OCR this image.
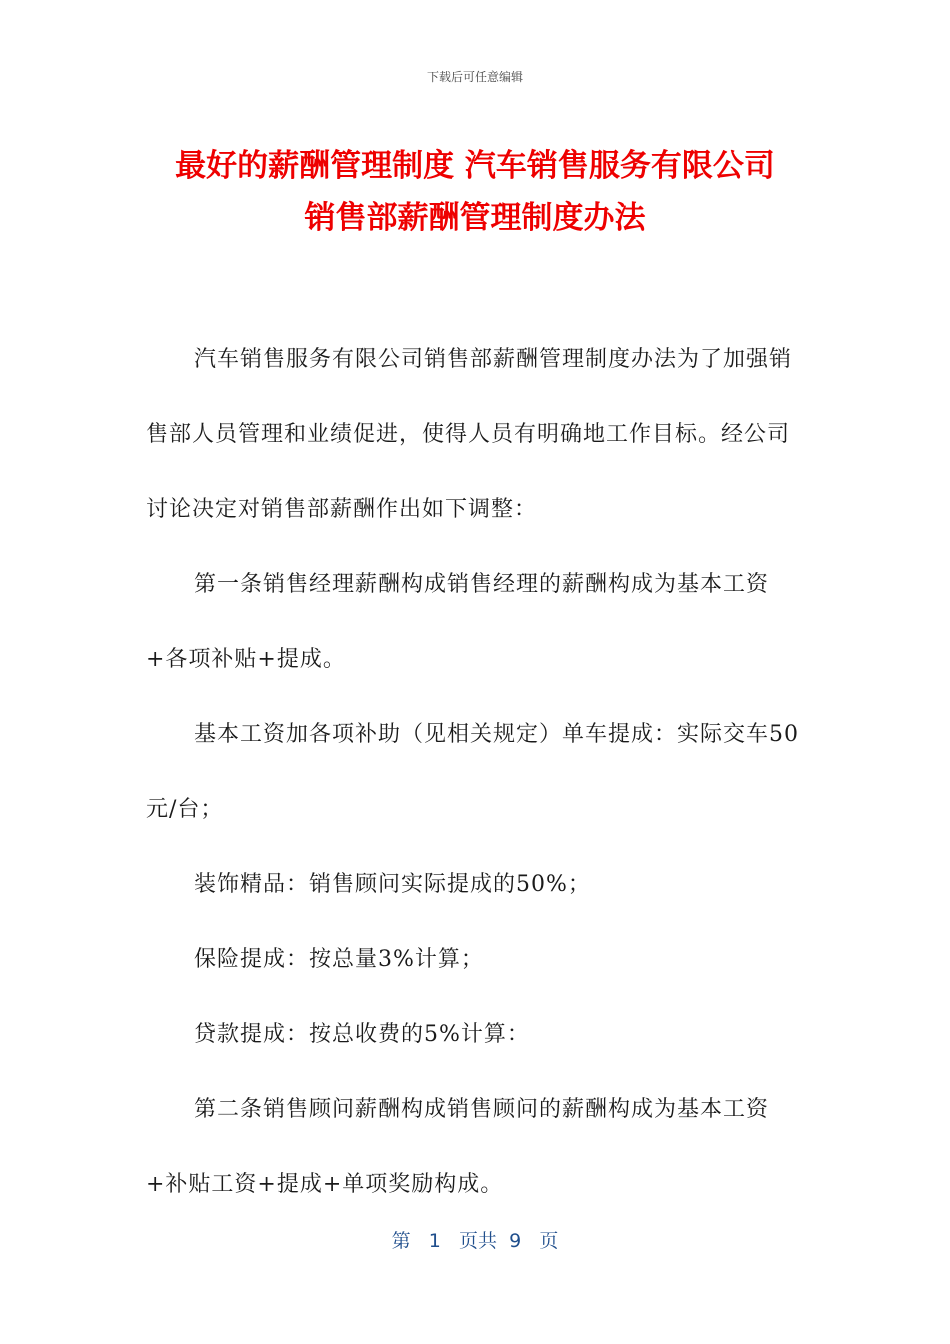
下载后可任意编辑
最好的薪酬管理制度 汽车销售服务有限公司
销售部薪酬管理制度办法

汽车销售服务有限公司销售部薪酬管理制度办法为了加强销售部人员管理和业绩促进，使得人员有明确地工作目标。经公司讨论决定对销售部薪酬作出如下调整：

第一条销售经理薪酬构成销售经理的薪酬构成为基本工资+各项补贴+提成。

基本工资加各项补助（见相关规定）单车提成：实际交车50元/台；

装饰精品：销售顾问实际提成的50%；

保险提成：按总量3%计算；

贷款提成：按总收费的5%计算：

第二条销售顾问薪酬构成销售顾问的薪酬构成为基本工资+补贴工资+提成+单项奖励构成。

第 1 页共 9 页
